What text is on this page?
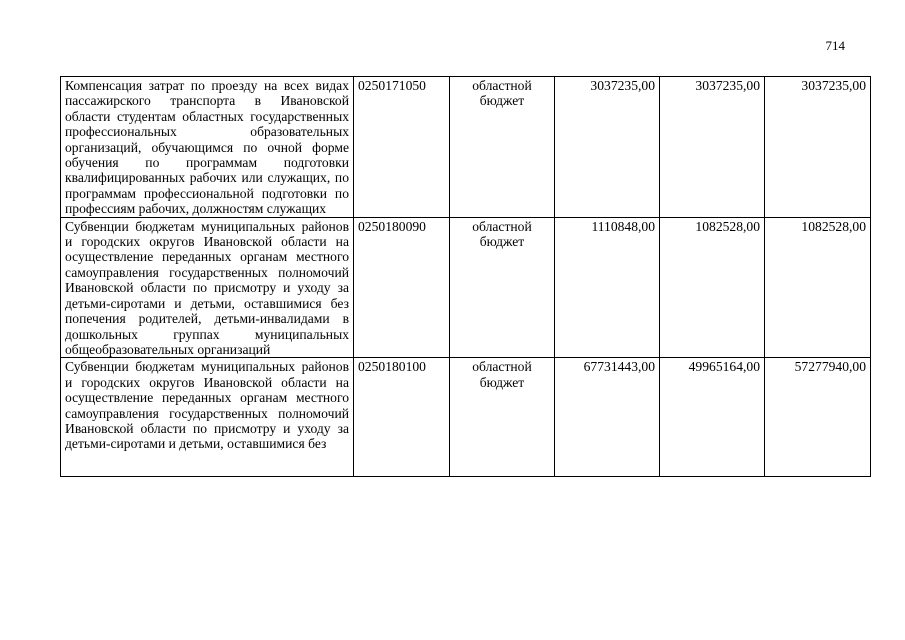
714
Компенсация затрат по проезду на всех видах пассажирского транспорта в Ивановской области студентам областных государственных профессиональных образовательных организаций, обучающимся по очной форме обучения по программам подготовки квалифицированных рабочих или служащих, по программам профессиональной подготовки по профессиям рабочих, должностям служащих	0250171050	областной бюджет	3037235,00	3037235,00	3037235,00
Субвенции бюджетам муниципальных районов и городских округов Ивановской области на осуществление переданных органам местного самоуправления государственных полномочий Ивановской области по присмотру и уходу за детьми-сиротами и детьми, оставшимися без попечения родителей, детьми-инвалидами в дошкольных группах муниципальных общеобразовательных организаций	0250180090	областной бюджет	1110848,00	1082528,00	1082528,00

Субвенции бюджетам муниципальных районов и городских округов Ивановской области на осуществление переданных органам местного самоуправления государственных полномочий Ивановской области по присмотру и уходу за детьми-сиротами и детьми, оставшимися без	0250180100	областной бюджет	67731443,00	49965164,00	57277940,00
